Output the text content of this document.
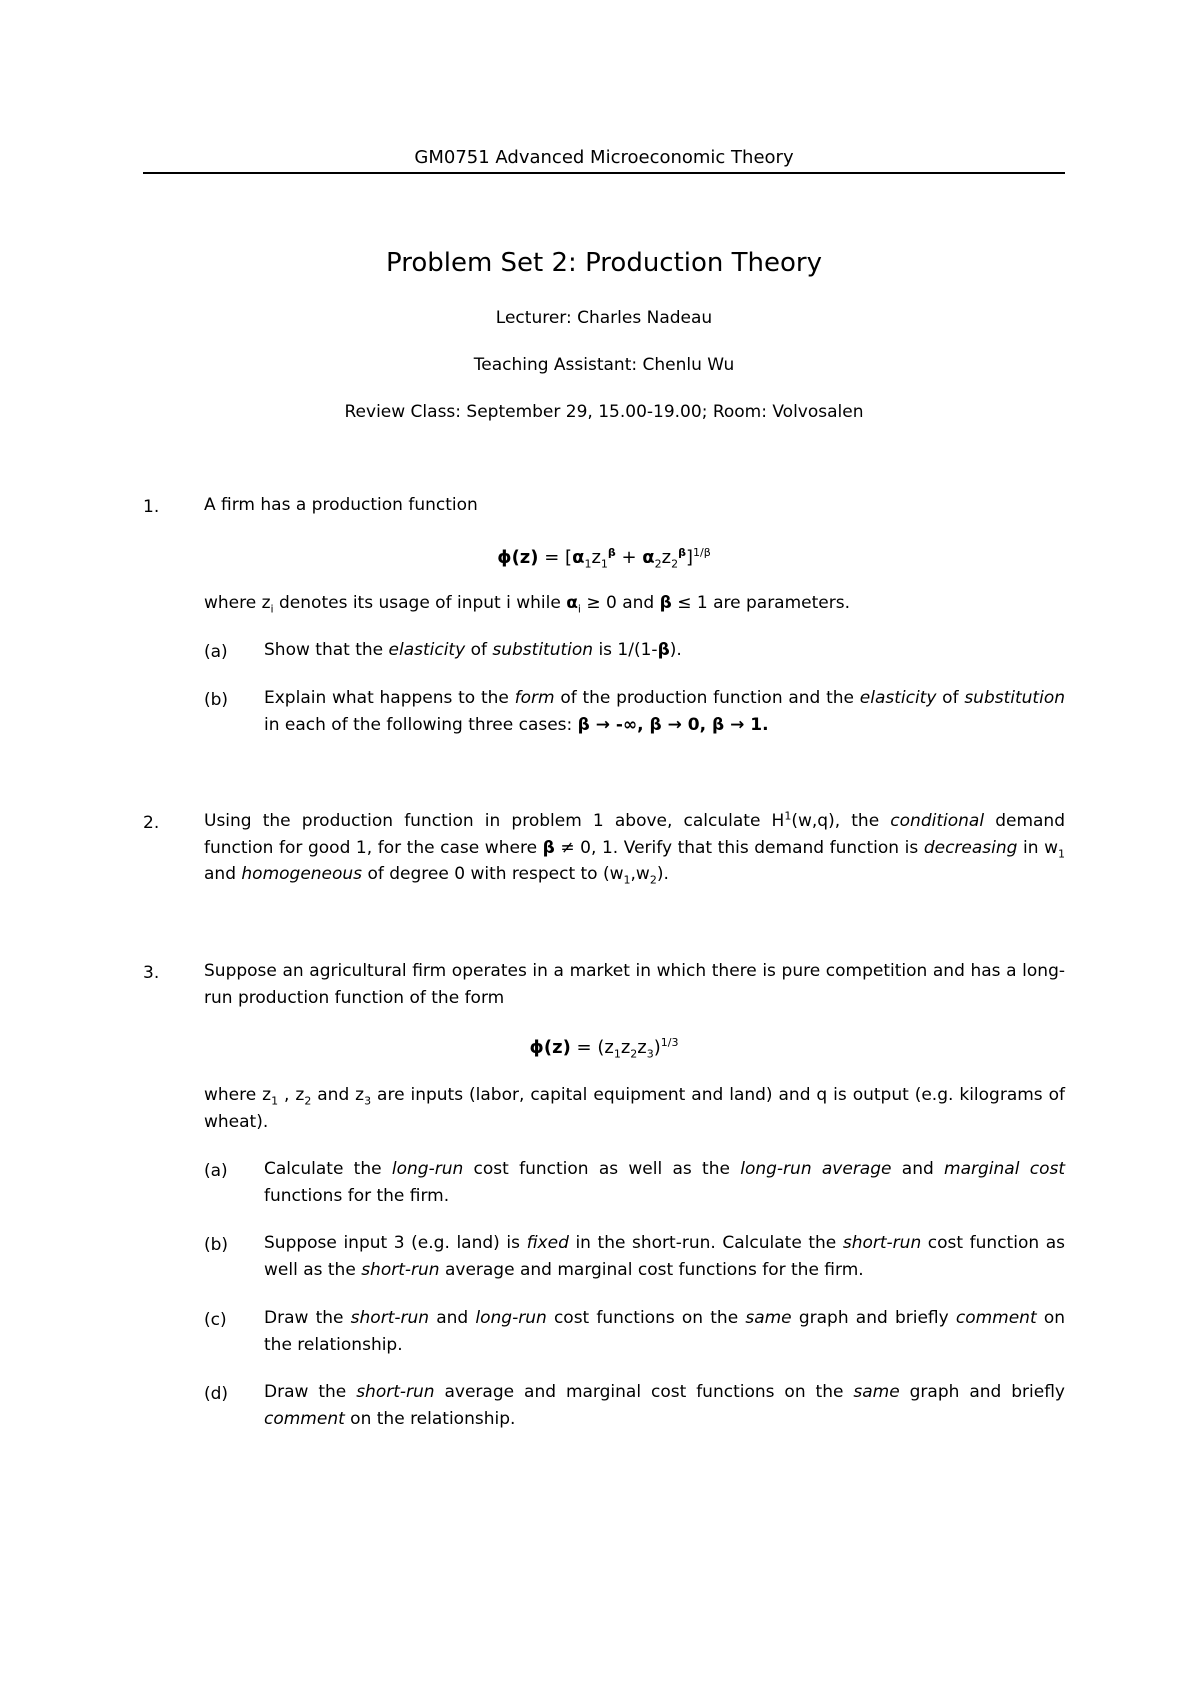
GM0751 Advanced Microeconomic Theory
Problem Set 2: Production Theory
Lecturer: Charles Nadeau
Teaching Assistant: Chenlu Wu
Review Class: September 29, 15.00-19.00; Room: Volvosalen
1.	A firm has a production function
$\phi(z) = [\alpha_1z_1^\beta + \alpha_2z_2^\beta]^{1/\beta}$
where $z_i$ denotes its usage of input i while $\alpha_i \ge 0$ and β ≤ 1 are parameters.
(a) Show that the elasticity of substitution is 1/(1-β).
(b) Explain what happens to the form of the production function and the elasticity of substitution in each of the following three cases: β → -∞, β → 0, β → 1.
2.	Using the production function in problem 1 above, calculate $H^1(w,q)$, the conditional demand function for good 1, for the case where β ≠ 0, 1. Verify that this demand function is decreasing in $w_1$ and homogeneous of degree 0 with respect to $(w_1,w_2)$.
3.	Suppose an agricultural firm operates in a market in which there is pure competition and has a long-run production function of the form
$\phi(z) = (z_1z_2z_3)^{1/3}$
where $z_1$ , $z_2$ and $z_3$ are inputs (labor, capital equipment and land) and q is output (e.g. kilograms of wheat).
(a) Calculate the long-run cost function as well as the long-run average and marginal cost functions for the firm.
(b) Suppose input 3 (e.g. land) is fixed in the short-run. Calculate the short-run cost function as well as the short-run average and marginal cost functions for the firm.
(c) Draw the short-run and long-run cost functions on the same graph and briefly comment on the relationship.
(d) Draw the short-run average and marginal cost functions on the same graph and briefly comment on the relationship.
